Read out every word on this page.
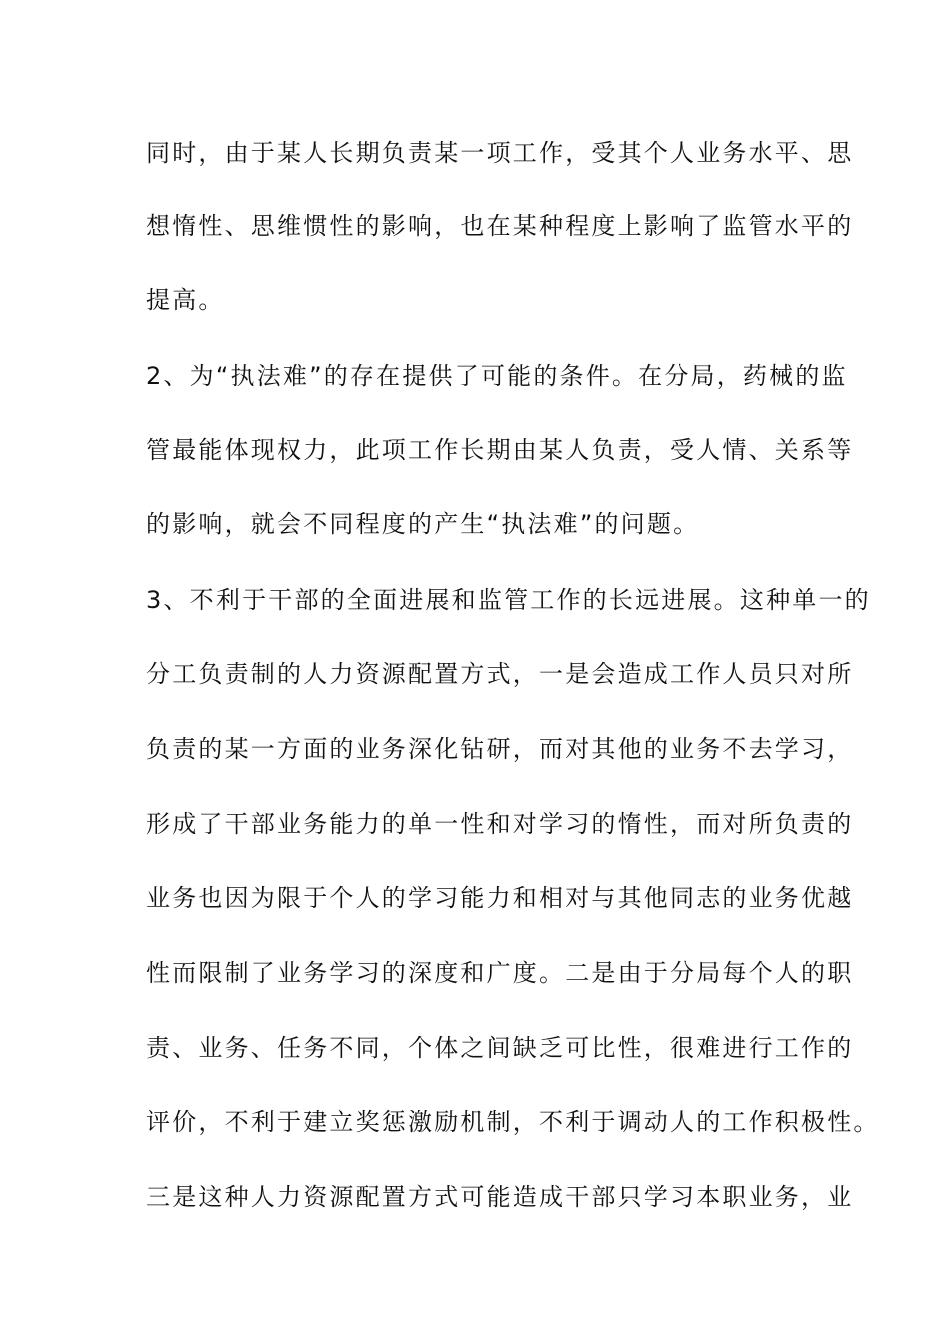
同时，由于某人长期负责某一项工作，受其个人业务水平、思
想惰性、思维惯性的影响，也在某种程度上影响了监管水平的
提高。
2、为“执法难”的存在提供了可能的条件。在分局，药械的监
管最能体现权力，此项工作长期由某人负责，受人情、关系等
的影响，就会不同程度的产生“执法难”的问题。
3、不利于干部的全面进展和监管工作的长远进展。这种单一的
分工负责制的人力资源配置方式，一是会造成工作人员只对所
负责的某一方面的业务深化钻研，而对其他的业务不去学习，
形成了干部业务能力的单一性和对学习的惰性，而对所负责的
业务也因为限于个人的学习能力和相对与其他同志的业务优越
性而限制了业务学习的深度和广度。二是由于分局每个人的职
责、业务、任务不同，个体之间缺乏可比性，很难进行工作的
评价，不利于建立奖惩激励机制，不利于调动人的工作积极性。
三是这种人力资源配置方式可能造成干部只学习本职业务，业
